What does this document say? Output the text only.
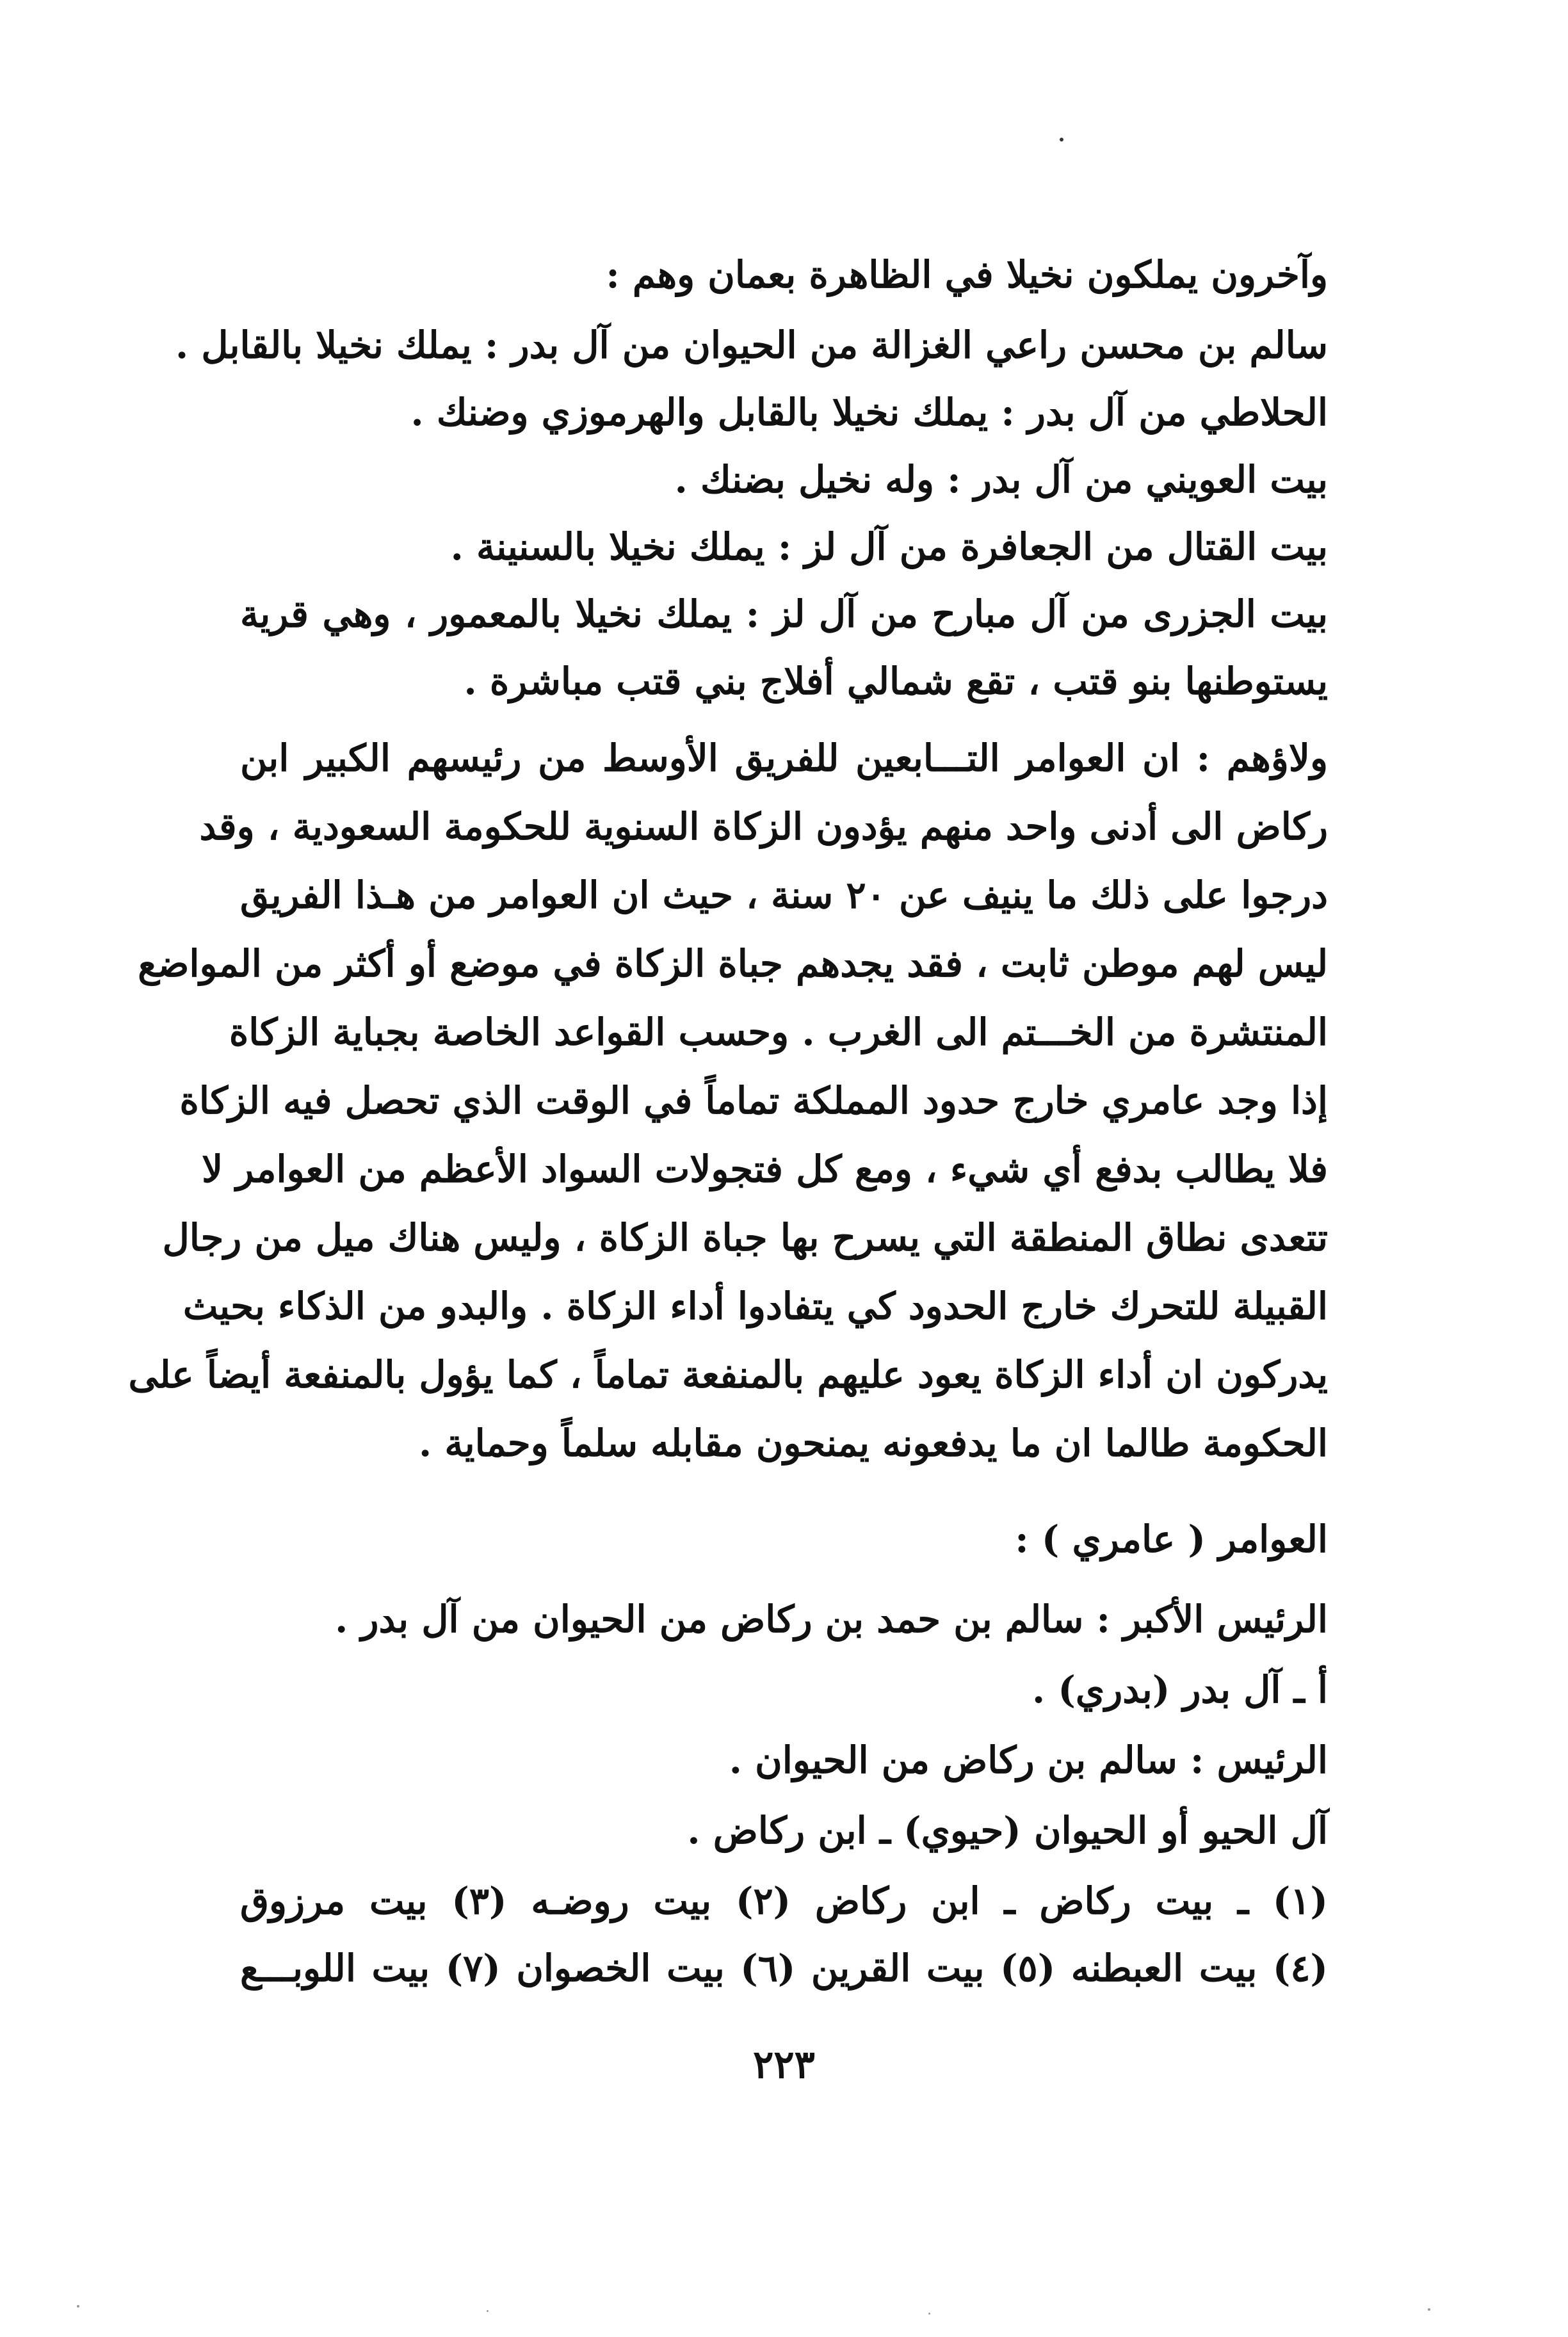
وآخرون يملكون نخيلا في الظاهرة بعمان وهم :
سالم بن محسن راعي الغزالة من الحيوان من آل بدر : يملك نخيلا بالقابل .
الحلاطي من آل بدر : يملك نخيلا بالقابل والهرموزي وضنك .
بيت العويني من آل بدر : وله نخيل بضنك .
بيت القتال من الجعافرة من آل لز : يملك نخيلا بالسنينة .
بيت الجزرى من آل مبارح من آل لز : يملك نخيلا بالمعمور ، وهي قرية
يستوطنها بنو قتب ، تقع شمالي أفلاج بني قتب مباشرة .
ولاؤهم : ان العوامر التـــابعين للفريق الأوسط من رئيسهم الكبير ابن
ركاض الى أدنى واحد منهم يؤدون الزكاة السنوية للحكومة السعودية ، وقد
درجوا على ذلك ما ينيف عن ٢٠ سنة ، حيث ان العوامر من هـذا الفريق
ليس لهم موطن ثابت ، فقد يجدهم جباة الزكاة في موضع أو أكثر من المواضع
المنتشرة من الخـــتم الى الغرب . وحسب القواعد الخاصة بجباية الزكاة
إذا وجد عامري خارج حدود المملكة تماماً في الوقت الذي تحصل فيه الزكاة
فلا يطالب بدفع أي شيء ، ومع كل فتجولات السواد الأعظم من العوامر لا
تتعدى نطاق المنطقة التي يسرح بها جباة الزكاة ، وليس هناك ميل من رجال
القبيلة للتحرك خارج الحدود كي يتفادوا أداء الزكاة . والبدو من الذكاء بحيث
يدركون ان أداء الزكاة يعود عليهم بالمنفعة تماماً ، كما يؤول بالمنفعة أيضاً على
الحكومة طالما ان ما يدفعونه يمنحون مقابله سلماً وحماية .
العوامر ( عامري ) :
الرئيس الأكبر : سالم بن حمد بن ركاض من الحيوان من آل بدر .
أ ـ آل بدر (بدري) .
الرئيس : سالم بن ركاض من الحيوان .
آل الحيو أو الحيوان (حيوي) ـ ابن ركاض .
(١) ـ بيت ركاض ـ ابن ركاض (٢) بيت روضـه (٣) بيت مرزوق
(٤) بيت العبطنه (٥) بيت القرين (٦) بيت الخصوان (٧) بيت اللوبـــع
٢٢٣
